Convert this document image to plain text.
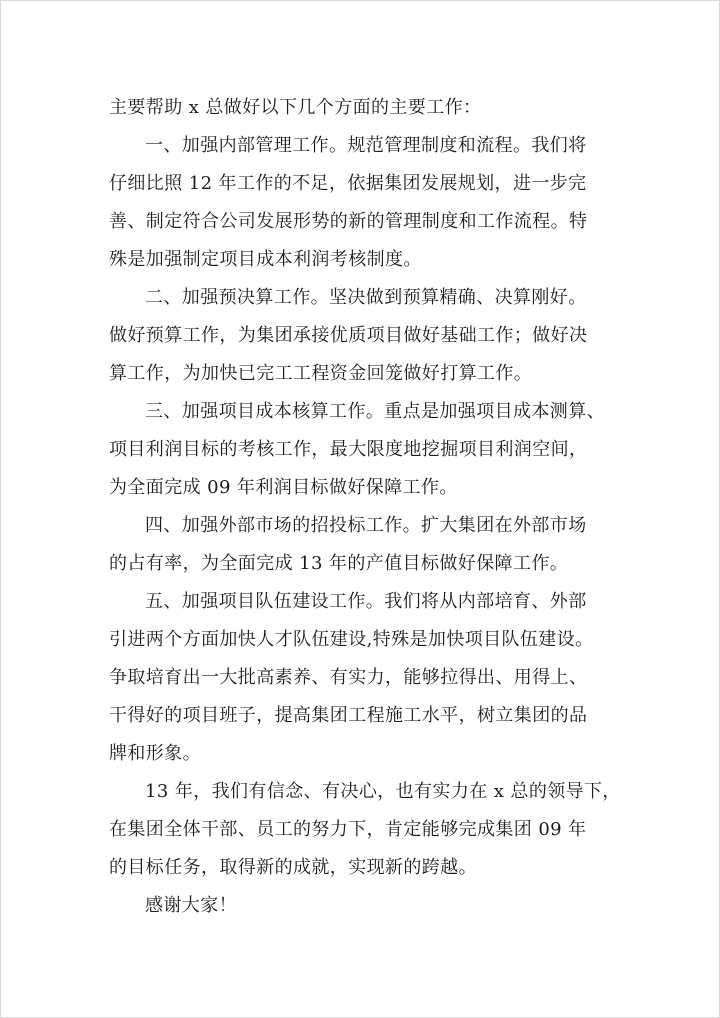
主要帮助 x 总做好以下几个方面的主要工作：
一、加强内部管理工作。规范管理制度和流程。我们将
仔细比照 12 年工作的不足，依据集团发展规划，进一步完
善、制定符合公司发展形势的新的管理制度和工作流程。特
殊是加强制定项目成本利润考核制度。
二、加强预决算工作。坚决做到预算精确、决算刚好。
做好预算工作，为集团承接优质项目做好基础工作；做好决
算工作，为加快已完工工程资金回笼做好打算工作。
三、加强项目成本核算工作。重点是加强项目成本测算、
项目利润目标的考核工作，最大限度地挖掘项目利润空间，
为全面完成 09 年利润目标做好保障工作。
四、加强外部市场的招投标工作。扩大集团在外部市场
的占有率，为全面完成 13 年的产值目标做好保障工作。
五、加强项目队伍建设工作。我们将从内部培育、外部
引进两个方面加快人才队伍建设,特殊是加快项目队伍建设。
争取培育出一大批高素养、有实力，能够拉得出、用得上、
干得好的项目班子，提高集团工程施工水平，树立集团的品
牌和形象。
13 年，我们有信念、有决心，也有实力在 x 总的领导下，
在集团全体干部、员工的努力下，肯定能够完成集团 09 年
的目标任务，取得新的成就，实现新的跨越。
感谢大家！
